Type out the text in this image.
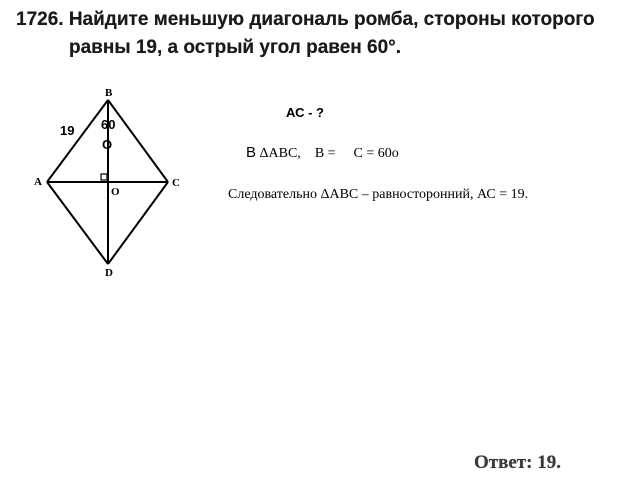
1726. Найдите меньшую диагональ ромба, стороны которого
равны 19, а острый угол равен 60°.
B
A	C
D
O
19 60
О
АС - ?
В ΔАВС, В = С = 60о
Следовательно ΔАВС – равносторонний, АС = 19.
Ответ: 19.
